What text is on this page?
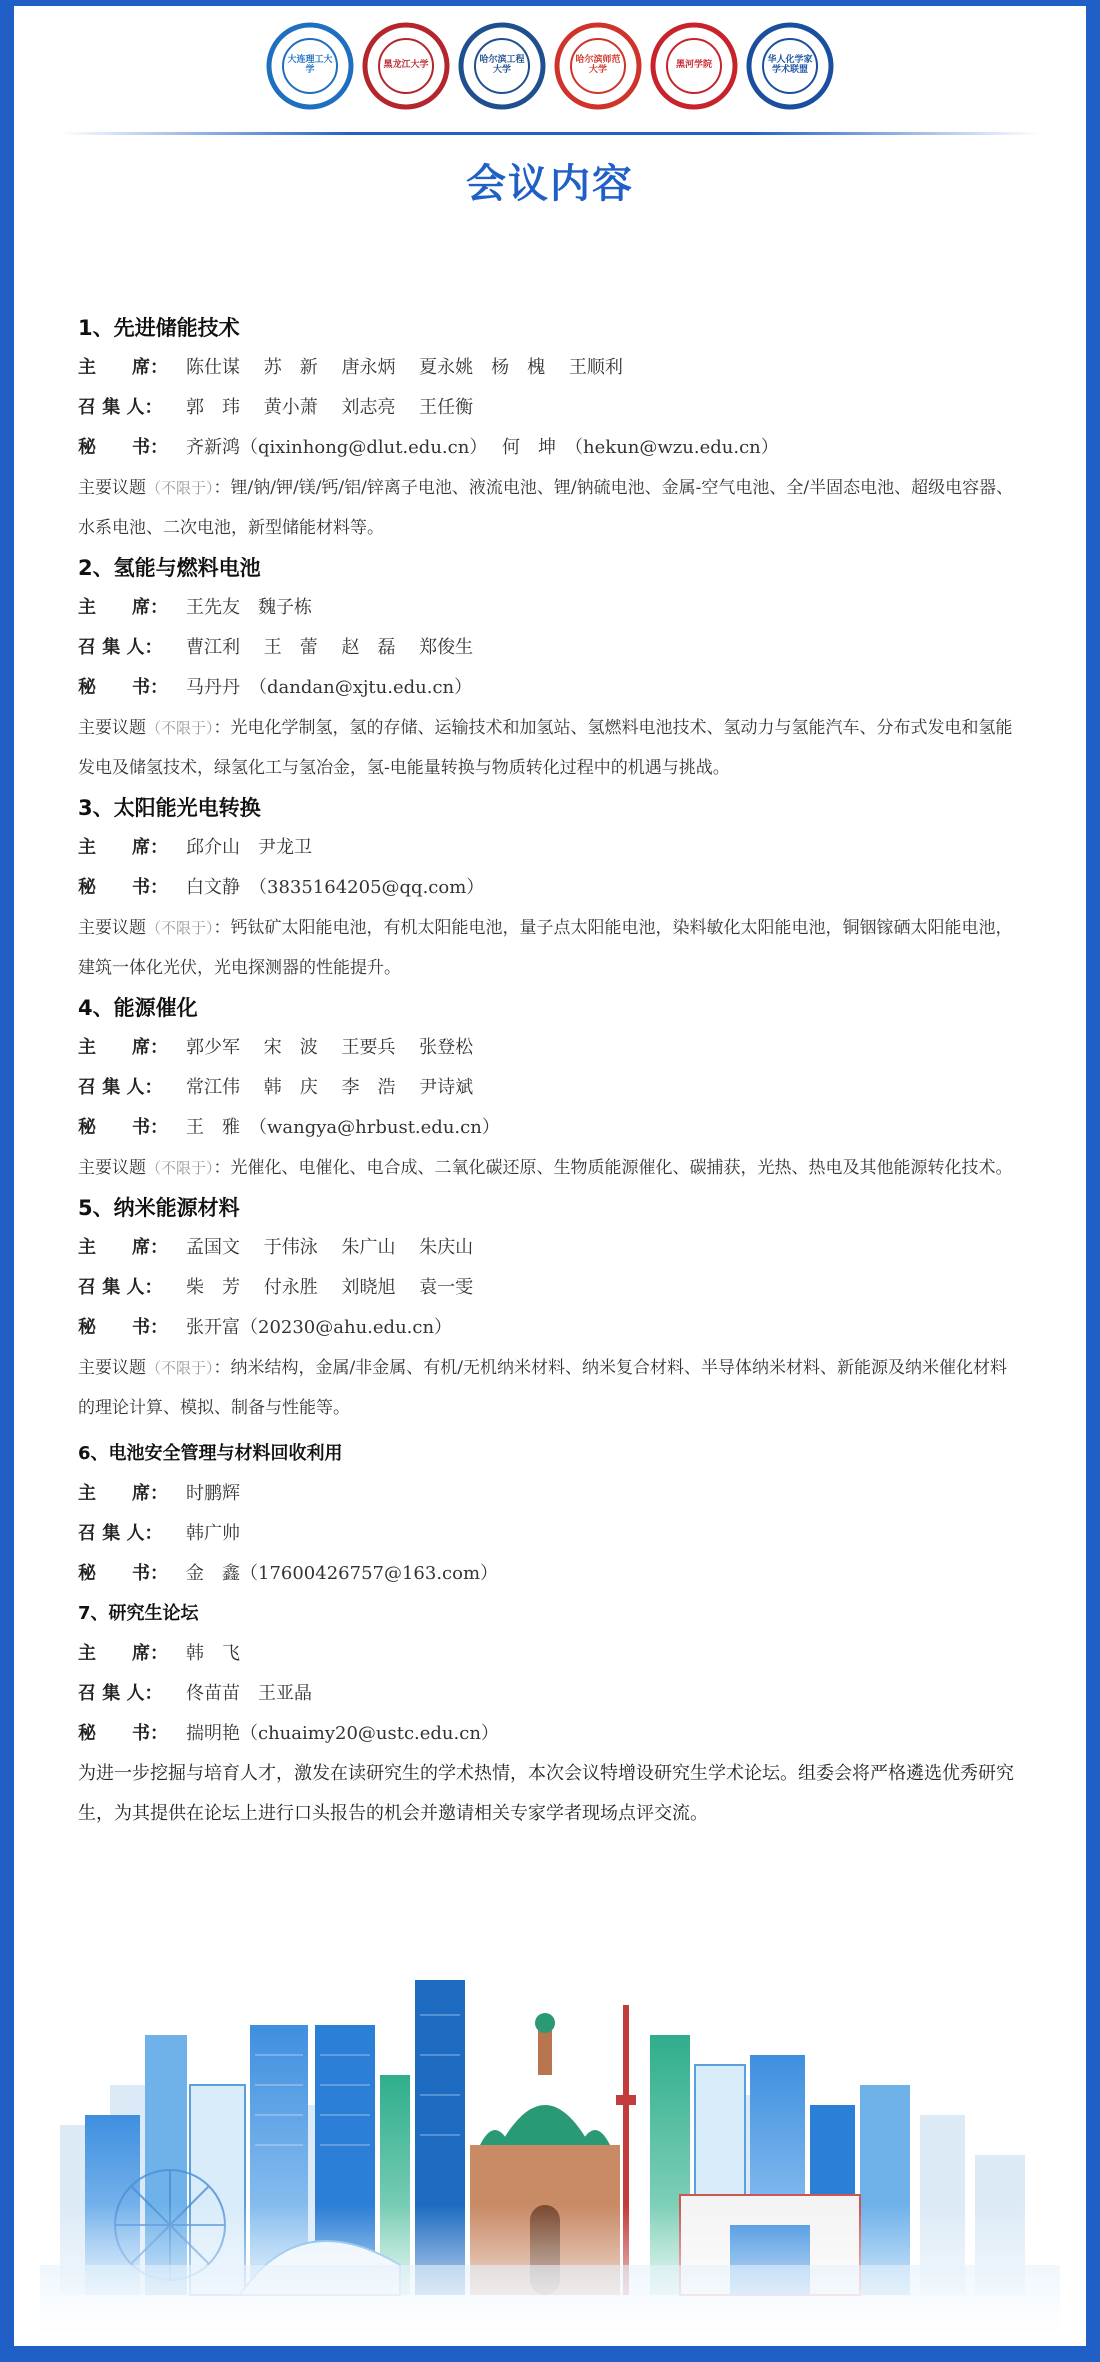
大连理工大学	黑龙江大学	哈尔滨工程大学
哈尔滨师范大学	黑河学院	华人化学家学术联盟
会议内容
1、先进储能技术
主　　席： 陈仕谋　 苏　新　 唐永炳　 夏永姚　杨　槐　 王顺利
召 集 人： 郭　玮　 黄小萧　 刘志亮　 王任衡
秘　　书： 齐新鸿（qixinhong@dlut.edu.cn）　 何　坤　（hekun@wzu.edu.cn）
主要议题（不限于）：锂/钠/钾/镁/钙/铝/锌离子电池、液流电池、锂/钠硫电池、金属-空气电池、全/半固态电池、超级电容器、水系电池、二次电池，新型储能材料等。
2、氢能与燃料电池
主　　席： 王先友　魏子栋
召 集 人： 曹江利　 王　蕾　 赵　磊　 郑俊生
秘　　书： 马丹丹　（dandan@xjtu.edu.cn）
主要议题（不限于）：光电化学制氢，氢的存储、运输技术和加氢站、氢燃料电池技术、氢动力与氢能汽车、分布式发电和氢能发电及储氢技术，绿氢化工与氢冶金，氢-电能量转换与物质转化过程中的机遇与挑战。
3、太阳能光电转换
主　　席： 邱介山　尹龙卫
秘　　书： 白文静　（3835164205@qq.com）
主要议题（不限于）：钙钛矿太阳能电池，有机太阳能电池，量子点太阳能电池，染料敏化太阳能电池，铜铟镓硒太阳能电池，建筑一体化光伏，光电探测器的性能提升。
4、能源催化
主　　席： 郭少军　 宋　波　 王要兵　 张登松
召 集 人： 常江伟　 韩　庆　 李　浩　 尹诗斌
秘　　书： 王　雅　（wangya@hrbust.edu.cn）
主要议题（不限于）：光催化、电催化、电合成、二氧化碳还原、生物质能源催化、碳捕获，光热、热电及其他能源转化技术。
5、纳米能源材料
主　　席： 孟国文　 于伟泳　 朱广山　 朱庆山
召 集 人： 柴　芳　 付永胜　 刘晓旭　 袁一雯
秘　　书： 张开富（20230@ahu.edu.cn）
主要议题（不限于）：纳米结构，金属/非金属、有机/无机纳米材料、纳米复合材料、半导体纳米材料、新能源及纳米催化材料的理论计算、模拟、制备与性能等。
6、电池安全管理与材料回收利用
主　　席： 时鹏辉
召 集 人： 韩广帅
秘　　书： 金　鑫（17600426757@163.com）
7、研究生论坛
主　　席： 韩　飞
召 集 人： 佟苗苗　王亚晶
秘　　书： 揣明艳（chuaimy20@ustc.edu.cn）
为进一步挖掘与培育人才，激发在读研究生的学术热情，本次会议特增设研究生学术论坛。组委会将严格遴选优秀研究生，为其提供在论坛上进行口头报告的机会并邀请相关专家学者现场点评交流。
